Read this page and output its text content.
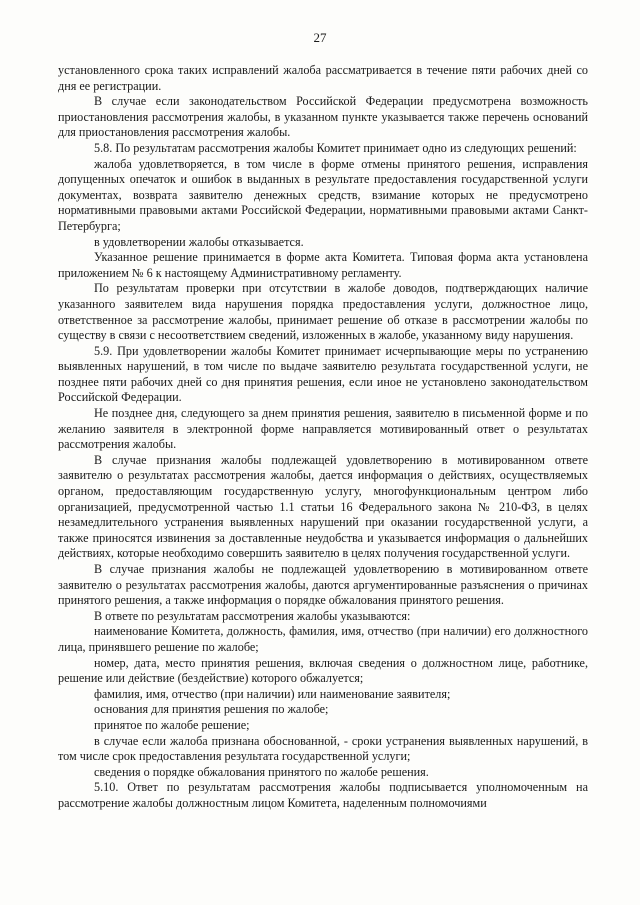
27

установленного срока таких исправлений жалоба рассматривается в течение пяти рабочих дней со дня ее регистрации.

В случае если законодательством Российской Федерации предусмотрена возможность приостановления рассмотрения жалобы, в указанном пункте указывается также перечень оснований для приостановления рассмотрения жалобы.

5.8. По результатам рассмотрения жалобы Комитет принимает одно из следующих решений:

жалоба удовлетворяется, в том числе в форме отмены принятого решения, исправления допущенных опечаток и ошибок в выданных в результате предоставления государственной услуги документах, возврата заявителю денежных средств, взимание которых не предусмотрено нормативными правовыми актами Российской Федерации, нормативными правовыми актами Санкт-Петербурга;

в удовлетворении жалобы отказывается.

Указанное решение принимается в форме акта Комитета. Типовая форма акта установлена приложением № 6 к настоящему Административному регламенту.

По результатам проверки при отсутствии в жалобе доводов, подтверждающих наличие указанного заявителем вида нарушения порядка предоставления услуги, должностное лицо, ответственное за рассмотрение жалобы, принимает решение об отказе в рассмотрении жалобы по существу в связи с несоответствием сведений, изложенных в жалобе, указанному виду нарушения.

5.9. При удовлетворении жалобы Комитет принимает исчерпывающие меры по устранению выявленных нарушений, в том числе по выдаче заявителю результата государственной услуги, не позднее пяти рабочих дней со дня принятия решения, если иное не установлено законодательством Российской Федерации.

Не позднее дня, следующего за днем принятия решения, заявителю в письменной форме и по желанию заявителя в электронной форме направляется мотивированный ответ о результатах рассмотрения жалобы.

В случае признания жалобы подлежащей удовлетворению в мотивированном ответе заявителю о результатах рассмотрения жалобы, дается информация о действиях, осуществляемых органом, предоставляющим государственную услугу, многофункциональным центром либо организацией, предусмотренной частью 1.1 статьи 16 Федерального закона № 210-ФЗ, в целях незамедлительного устранения выявленных нарушений при оказании государственной услуги, а также приносятся извинения за доставленные неудобства и указывается информация о дальнейших действиях, которые необходимо совершить заявителю в целях получения государственной услуги.

В случае признания жалобы не подлежащей удовлетворению в мотивированном ответе заявителю о результатах рассмотрения жалобы, даются аргументированные разъяснения о причинах принятого решения, а также информация о порядке обжалования принятого решения.

В ответе по результатам рассмотрения жалобы указываются:

наименование Комитета, должность, фамилия, имя, отчество (при наличии) его должностного лица, принявшего решение по жалобе;

номер, дата, место принятия решения, включая сведения о должностном лице, работнике, решение или действие (бездействие) которого обжалуется;

фамилия, имя, отчество (при наличии) или наименование заявителя;

основания для принятия решения по жалобе;

принятое по жалобе решение;

в случае если жалоба признана обоснованной, - сроки устранения выявленных нарушений, в том числе срок предоставления результата государственной услуги;

сведения о порядке обжалования принятого по жалобе решения.

5.10. Ответ по результатам рассмотрения жалобы подписывается уполномоченным на рассмотрение жалобы должностным лицом Комитета, наделенным полномочиями
